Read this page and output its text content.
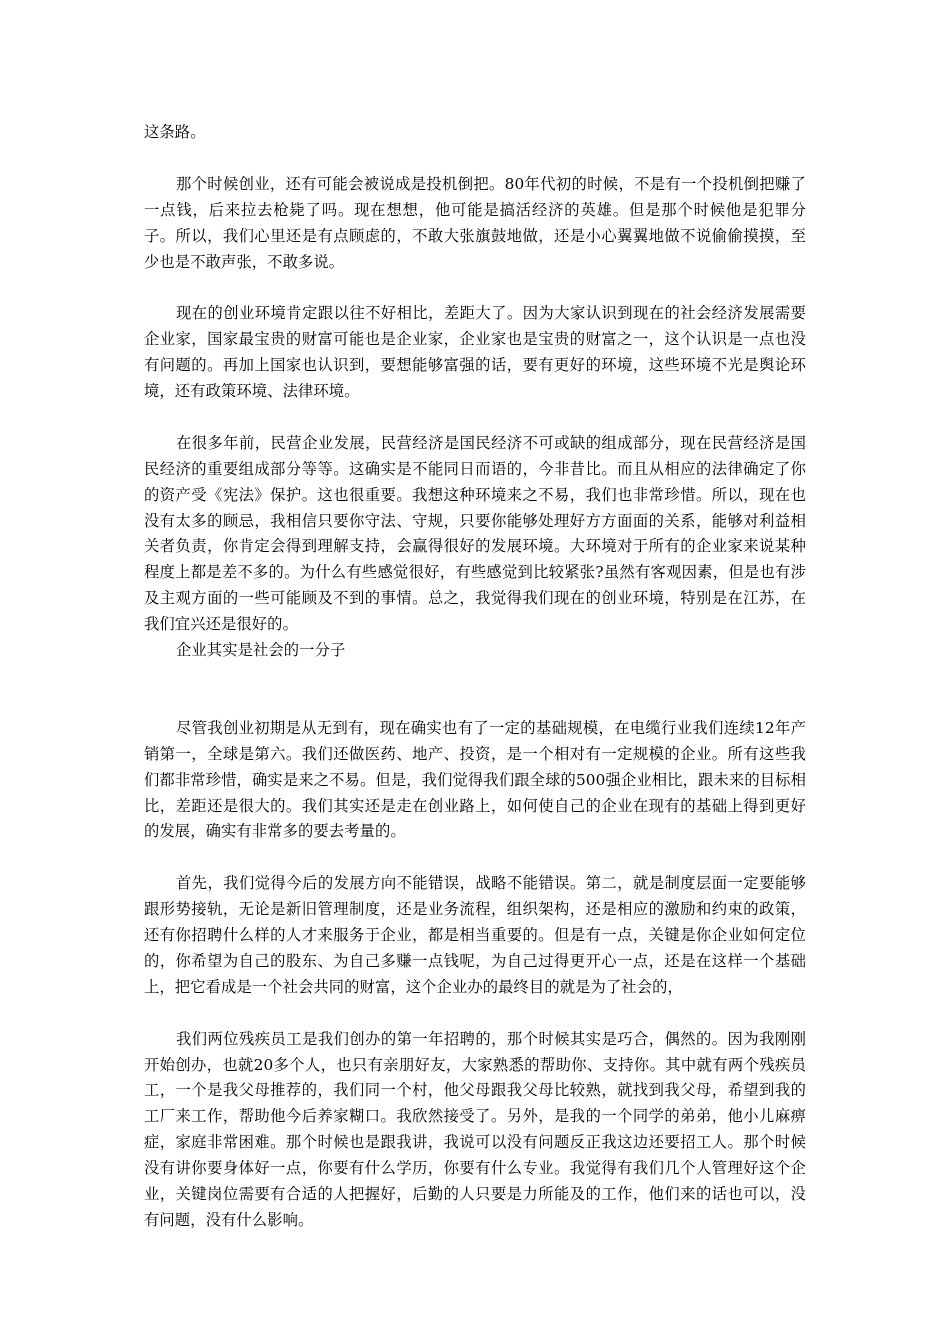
这条路。

那个时候创业，还有可能会被说成是投机倒把。80年代初的时候，不是有一个投机倒把赚了一点钱，后来拉去枪毙了吗。现在想想，他可能是搞活经济的英雄。但是那个时候他是犯罪分子。所以，我们心里还是有点顾虑的，不敢大张旗鼓地做，还是小心翼翼地做不说偷偷摸摸，至少也是不敢声张，不敢多说。

现在的创业环境肯定跟以往不好相比，差距大了。因为大家认识到现在的社会经济发展需要企业家，国家最宝贵的财富可能也是企业家，企业家也是宝贵的财富之一，这个认识是一点也没有问题的。再加上国家也认识到，要想能够富强的话，要有更好的环境，这些环境不光是舆论环境，还有政策环境、法律环境。

在很多年前，民营企业发展，民营经济是国民经济不可或缺的组成部分，现在民营经济是国民经济的重要组成部分等等。这确实是不能同日而语的，今非昔比。而且从相应的法律确定了你的资产受《宪法》保护。这也很重要。我想这种环境来之不易，我们也非常珍惜。所以，现在也没有太多的顾忌，我相信只要你守法、守规，只要你能够处理好方方面面的关系，能够对利益相关者负责，你肯定会得到理解支持，会赢得很好的发展环境。大环境对于所有的企业家来说某种程度上都是差不多的。为什么有些感觉很好，有些感觉到比较紧张?虽然有客观因素，但是也有涉及主观方面的一些可能顾及不到的事情。总之，我觉得我们现在的创业环境，特别是在江苏，在我们宜兴还是很好的。

企业其实是社会的一分子

尽管我创业初期是从无到有，现在确实也有了一定的基础规模，在电缆行业我们连续12年产销第一，全球是第六。我们还做医药、地产、投资，是一个相对有一定规模的企业。所有这些我们都非常珍惜，确实是来之不易。但是，我们觉得我们跟全球的500强企业相比，跟未来的目标相比，差距还是很大的。我们其实还是走在创业路上，如何使自己的企业在现有的基础上得到更好的发展，确实有非常多的要去考量的。

首先，我们觉得今后的发展方向不能错误，战略不能错误。第二，就是制度层面一定要能够跟形势接轨，无论是新旧管理制度，还是业务流程，组织架构，还是相应的激励和约束的政策，还有你招聘什么样的人才来服务于企业，都是相当重要的。但是有一点，关键是你企业如何定位的，你希望为自己的股东、为自己多赚一点钱呢，为自己过得更开心一点，还是在这样一个基础上，把它看成是一个社会共同的财富，这个企业办的最终目的就是为了社会的，

我们两位残疾员工是我们创办的第一年招聘的，那个时候其实是巧合，偶然的。因为我刚刚开始创办，也就20多个人，也只有亲朋好友，大家熟悉的帮助你、支持你。其中就有两个残疾员工，一个是我父母推荐的，我们同一个村，他父母跟我父母比较熟，就找到我父母，希望到我的工厂来工作，帮助他今后养家糊口。我欣然接受了。另外，是我的一个同学的弟弟，他小儿麻痹症，家庭非常困难。那个时候也是跟我讲，我说可以没有问题反正我这边还要招工人。那个时候没有讲你要身体好一点，你要有什么学历，你要有什么专业。我觉得有我们几个人管理好这个企业，关键岗位需要有合适的人把握好，后勤的人只要是力所能及的工作，他们来的话也可以，没有问题，没有什么影响。
